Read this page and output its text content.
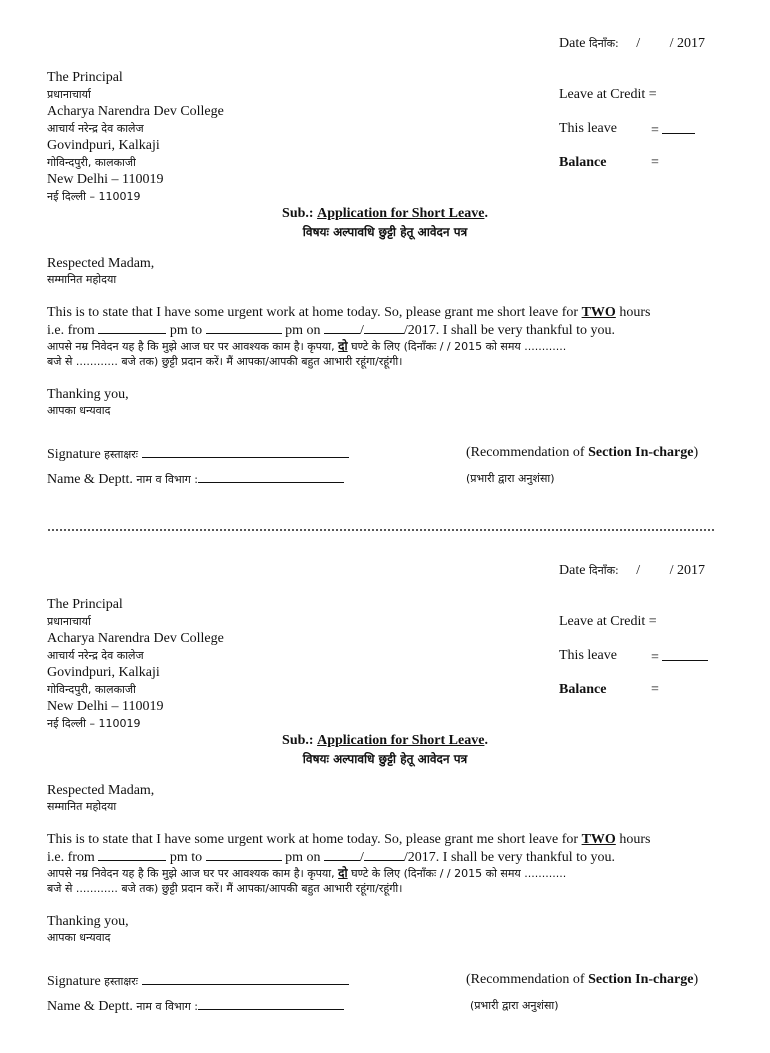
Date दिनाँक: / / 2017
The Principal
प्रधानाचार्या
Acharya Narendra Dev College
आचार्य नरेन्द्र देव कालेज
Govindpuri, Kalkaji
गोविन्दपुरी, कालकाजी
New Delhi – 110019
नई दिल्ली – 110019
Leave at Credit =
This leave =
Balance	=
Sub.: Application for Short Leave.
विषयः अल्पावधि छुट्टी हेतू आवेदन पत्र
Respected Madam,
सम्मानित महोदया
This is to state that I have some urgent work at home today. So, please grant me short leave for TWO hours
i.e. from	pm to	pm on	/	/2017. I shall be very thankful to you.
आपसे नम्र निवेदन यह है कि मुझे आज घर पर आवश्यक काम है। कृपया, दो घण्टे के लिए (दिनाँकः / / 2015 को समय ............
बजे से ............ बजे तक) छुट्टी प्रदान करें। मैं आपका/आपकी बहुत आभारी रहूंगा/रहूंगी।
Thanking you,
आपका धन्यवाद
Signature हस्ताक्षरः	(Recommendation of Section In-charge)
Name & Deptt. नाम व विभाग :	(प्रभारी द्वारा अनुशंसा)
Date दिनाँक: / / 2017
The Principal
प्रधानाचार्या
Acharya Narendra Dev College
आचार्य नरेन्द्र देव कालेज
Govindpuri, Kalkaji
गोविन्दपुरी, कालकाजी
New Delhi – 110019
नई दिल्ली – 110019
Leave at Credit =
This leave =
Balance	=
Sub.: Application for Short Leave.
विषयः अल्पावधि छुट्टी हेतू आवेदन पत्र
Respected Madam,
सम्मानित महोदया
This is to state that I have some urgent work at home today. So, please grant me short leave for TWO hours
i.e. from	pm to	pm on	/	/2017. I shall be very thankful to you.
आपसे नम्र निवेदन यह है कि मुझे आज घर पर आवश्यक काम है। कृपया, दो घण्टे के लिए (दिनाँकः / / 2015 को समय ............
बजे से ............ बजे तक) छुट्टी प्रदान करें। मैं आपका/आपकी बहुत आभारी रहूंगा/रहूंगी।
Thanking you,
आपका धन्यवाद
Signature हस्ताक्षरः	(Recommendation of Section In-charge)
Name & Deptt. नाम व विभाग :	(प्रभारी द्वारा अनुशंसा)
